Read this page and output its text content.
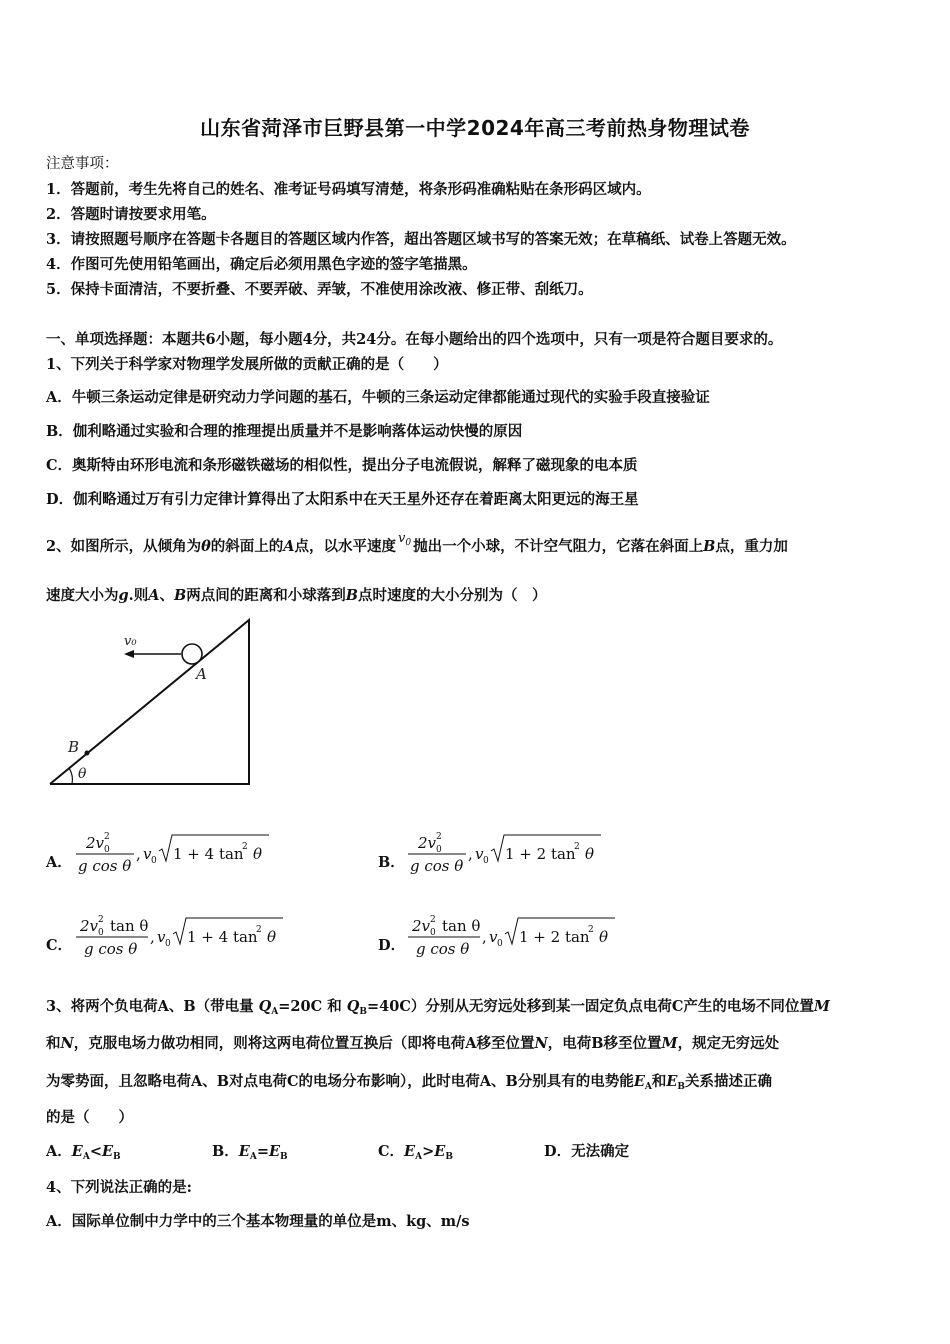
山东省菏泽市巨野县第一中学2024年高三考前热身物理试卷
注意事项：
1．答题前，考生先将自己的姓名、准考证号码填写清楚，将条形码准确粘贴在条形码区域内。
2．答题时请按要求用笔。
3．请按照题号顺序在答题卡各题目的答题区域内作答，超出答题区域书写的答案无效；在草稿纸、试卷上答题无效。
4．作图可先使用铅笔画出，确定后必须用黑色字迹的签字笔描黑。
5．保持卡面清洁，不要折叠、不要弄破、弄皱，不准使用涂改液、修正带、刮纸刀。
一、单项选择题：本题共6小题，每小题4分，共24分。在每小题给出的四个选项中，只有一项是符合题目要求的。
1、下列关于科学家对物理学发展所做的贡献正确的是（　　）
A．牛顿三条运动定律是研究动力学问题的基石，牛顿的三条运动定律都能通过现代的实验手段直接验证
B．伽利略通过实验和合理的推理提出质量并不是影响落体运动快慢的原因
C．奥斯特由环形电流和条形磁铁磁场的相似性，提出分子电流假说，解释了磁现象的电本质
D．伽利略通过万有引力定律计算得出了太阳系中在天王星外还存在着距离太阳更远的海王星
2、如图所示，从倾角为θ的斜面上的A点，以水平速度 $v_0$ 抛出一个小球，不计空气阻力，它落在斜面上B点，重力加
速度大小为g.则A、B两点间的距离和小球落到B点时速度的大小分别为（　）
v₀
A
B
θ
A．
2v 2
0
g cos θ
, v 0 1 + 4 tan
2 θ	B．
2v 2
0
g cos θ
, v 0 1 + 2 tan
2 θ
C．
2v 2
0 tan θ
g cos θ
, v 0 1 + 4 tan
2 θ	D．
2v 2
0 tan θ
g cos θ
, v 0 1 + 2 tan
2 θ
3、将两个负电荷A、B（带电量 $Q_A=20C$ 和 $Q_B=40C$）分别从无穷远处移到某一固定负点电荷C产生的电场不同位置M
和N，克服电场力做功相同，则将这两电荷位置互换后（即将电荷A移至位置N，电荷B移至位置M，规定无穷远处
为零势面，且忽略电荷A、B对点电荷C的电场分布影响），此时电荷A、B分别具有的电势能$E_A$和$E_B$关系描述正确
的是（　　）
A．$E_A<E_B$	B．$E_A=E_B$	C．$E_A>E_B$	D．无法确定
4、下列说法正确的是:
A．国际单位制中力学中的三个基本物理量的单位是m、kg、m/s
